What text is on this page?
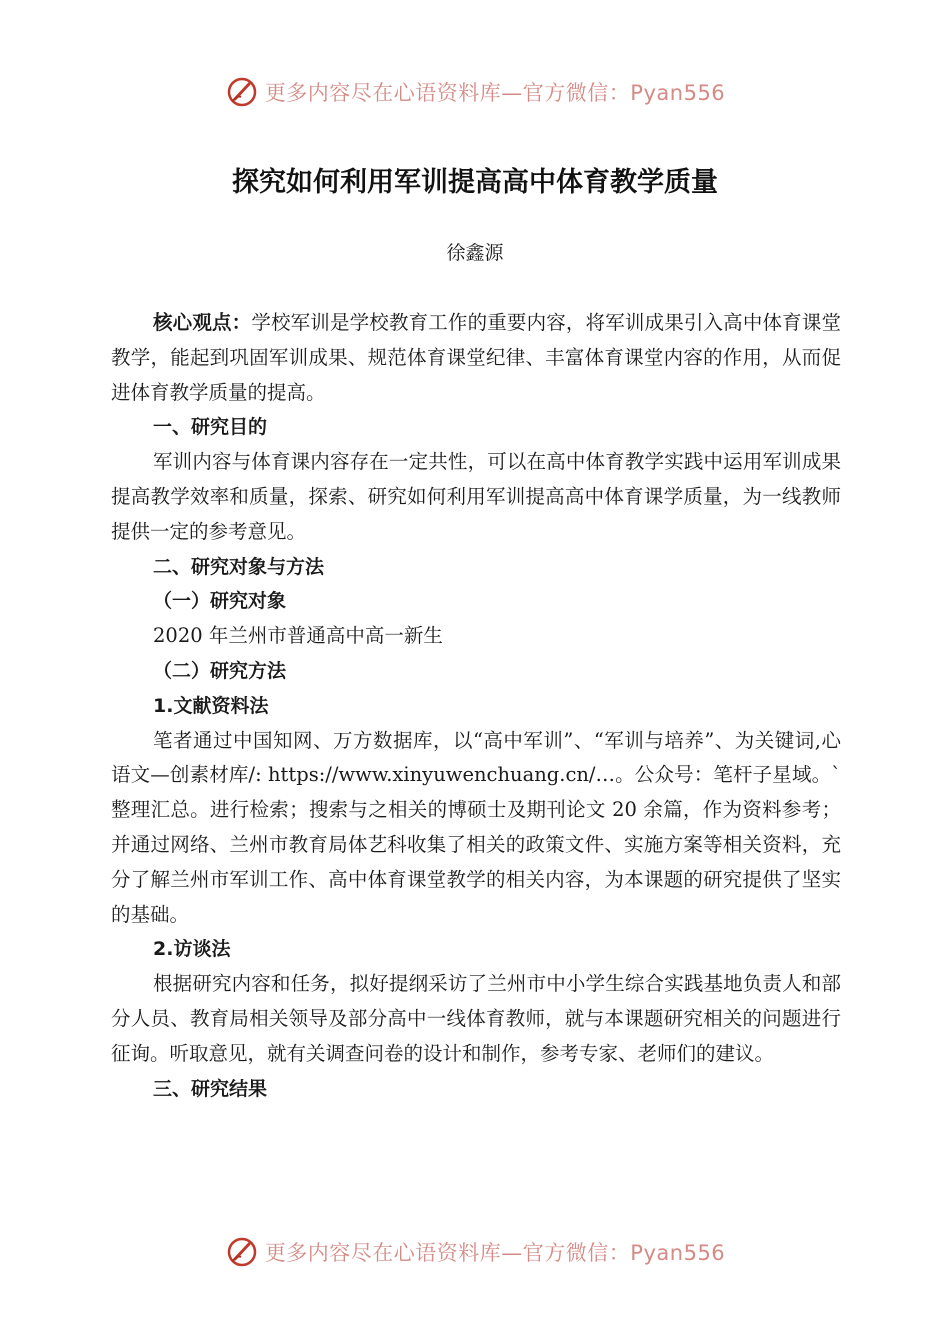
更多内容尽在心语资料库—官方微信：Pyan556
探究如何利用军训提高高中体育教学质量
徐鑫源

核心观点：学校军训是学校教育工作的重要内容，将军训成果引入高中体育课堂教学，能起到巩固军训成果、规范体育课堂纪律、丰富体育课堂内容的作用，从而促进体育教学质量的提高。

一、研究目的

军训内容与体育课内容存在一定共性，可以在高中体育教学实践中运用军训成果提高教学效率和质量，探索、研究如何利用军训提高高中体育课学质量，为一线教师提供一定的参考意见。

二、研究对象与方法

（一）研究对象

2020 年兰州市普通高中高一新生

（二）研究方法

1.文献资料法

笔者通过中国知网、万方数据库，以“高中军训”、“军训与培养”、为关键词,心语文—创素材库/: https://www.xinyuwenchuang.cn/…。公众号：笔杆子星域。`整理汇总。进行检索；搜索与之相关的博硕士及期刊论文 20 余篇，作为资料参考；并通过网络、兰州市教育局体艺科收集了相关的政策文件、实施方案等相关资料，充分了解兰州市军训工作、高中体育课堂教学的相关内容，为本课题的研究提供了坚实的基础。

2.访谈法

根据研究内容和任务，拟好提纲采访了兰州市中小学生综合实践基地负责人和部分人员、教育局相关领导及部分高中一线体育教师，就与本课题研究相关的问题进行征询。听取意见，就有关调查问卷的设计和制作，参考专家、老师们的建议。

三、研究结果

更多内容尽在心语资料库—官方微信：Pyan556
